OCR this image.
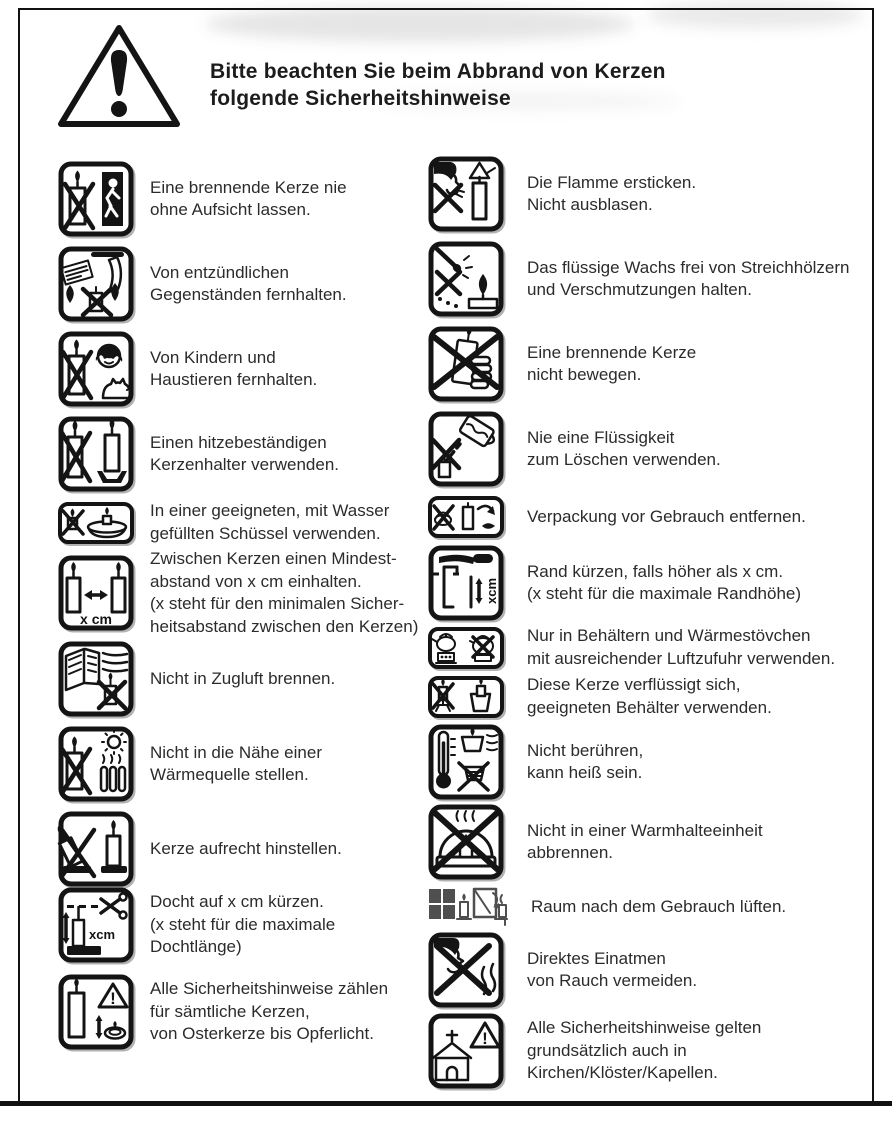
Bitte beachten Sie beim Abbrand von Kerzen
folgende Sicherheitshinweise
Eine brennende Kerze nie
ohne Aufsicht lassen.
Von entzündlichen
Gegenständen fernhalten.
Von Kindern und
Haustieren fernhalten.
Einen hitzebeständigen
Kerzenhalter verwenden.
In einer geeigneten, mit Wasser
gefüllten Schüssel verwenden.
x cm
Zwischen Kerzen einen Mindest-
abstand von x cm einhalten.
(x steht für den minimalen Sicher-
heitsabstand zwischen den Kerzen)
Nicht in Zugluft brennen.
Nicht in die Nähe einer
Wärmequelle stellen.
Kerze aufrecht hinstellen.
xcm
Docht auf x cm kürzen.
(x steht für die maximale
Dochtlänge)
!
Alle Sicherheitshinweise zählen
für sämtliche Kerzen,
von Osterkerze bis Opferlicht.
Die Flamme ersticken.
Nicht ausblasen.
Das flüssige Wachs frei von Streichhölzern
und Verschmutzungen halten.
Eine brennende Kerze
nicht bewegen.
Nie eine Flüssigkeit
zum Löschen verwenden.
Verpackung vor Gebrauch entfernen.
xcm
Rand kürzen, falls höher als x cm.
(x steht für die maximale Randhöhe)
Nur in Behältern und Wärmestövchen
mit ausreichender Luftzufuhr verwenden.
Diese Kerze verflüssigt sich,
geeigneten Behälter verwenden.
Nicht berühren,
kann heiß sein.
Nicht in einer Warmhalteeinheit
abbrennen.
Raum nach dem Gebrauch lüften.
Direktes Einatmen
von Rauch vermeiden.
!
Alle Sicherheitshinweise gelten
grundsätzlich auch in
Kirchen/Klöster/Kapellen.
